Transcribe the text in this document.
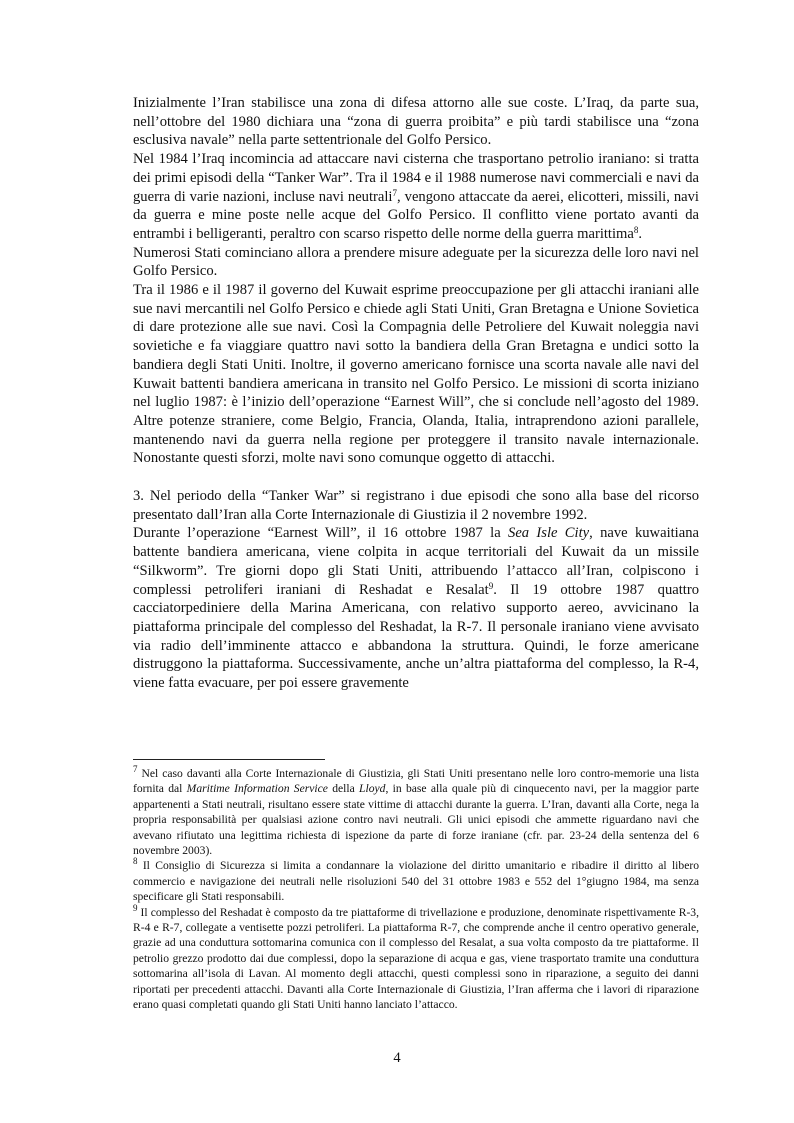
Inizialmente l’Iran stabilisce una zona di difesa attorno alle sue coste. L’Iraq, da parte sua, nell’ottobre del 1980 dichiara una “zona di guerra proibita” e più tardi stabilisce una “zona esclusiva navale” nella parte settentrionale del Golfo Persico.

Nel 1984 l’Iraq incomincia ad attaccare navi cisterna che trasportano petrolio iraniano: si tratta dei primi episodi della “Tanker War”. Tra il 1984 e il 1988 numerose navi commerciali e navi da guerra di varie nazioni, incluse navi neutrali$^7$, vengono attaccate da aerei, elicotteri, missili, navi da guerra e mine poste nelle acque del Golfo Persico. Il conflitto viene portato avanti da entrambi i belligeranti, peraltro con scarso rispetto delle norme della guerra marittima$^8$.

Numerosi Stati cominciano allora a prendere misure adeguate per la sicurezza delle loro navi nel Golfo Persico.

Tra il 1986 e il 1987 il governo del Kuwait esprime preoccupazione per gli attacchi iraniani alle sue navi mercantili nel Golfo Persico e chiede agli Stati Uniti, Gran Bretagna e Unione Sovietica di dare protezione alle sue navi. Così la Compagnia delle Petroliere del Kuwait noleggia navi sovietiche e fa viaggiare quattro navi sotto la bandiera della Gran Bretagna e undici sotto la bandiera degli Stati Uniti. Inoltre, il governo americano fornisce una scorta navale alle navi del Kuwait battenti bandiera americana in transito nel Golfo Persico. Le missioni di scorta iniziano nel luglio 1987: è l’inizio dell’operazione “Earnest Will”, che si conclude nell’agosto del 1989. Altre potenze straniere, come Belgio, Francia, Olanda, Italia, intraprendono azioni parallele, mantenendo navi da guerra nella regione per proteggere il transito navale internazionale. Nonostante questi sforzi, molte navi sono comunque oggetto di attacchi.

3. Nel periodo della “Tanker War” si registrano i due episodi che sono alla base del ricorso presentato dall’Iran alla Corte Internazionale di Giustizia il 2 novembre 1992.

Durante l’operazione “Earnest Will”, il 16 ottobre 1987 la Sea Isle City, nave kuwaitiana battente bandiera americana, viene colpita in acque territoriali del Kuwait da un missile “Silkworm”. Tre giorni dopo gli Stati Uniti, attribuendo l’attacco all’Iran, colpiscono i complessi petroliferi iraniani di Reshadat e Resalat$^9$. Il 19 ottobre 1987 quattro cacciatorpediniere della Marina Americana, con relativo supporto aereo, avvicinano la piattaforma principale del complesso del Reshadat, la R-7. Il personale iraniano viene avvisato via radio dell’imminente attacco e abbandona la struttura. Quindi, le forze americane distruggono la piattaforma. Successivamente, anche un’altra piattaforma del complesso, la R-4, viene fatta evacuare, per poi essere gravemente

$^7$ Nel caso davanti alla Corte Internazionale di Giustizia, gli Stati Uniti presentano nelle loro contro-memorie una lista fornita dal Maritime Information Service della Lloyd, in base alla quale più di cinquecento navi, per la maggior parte appartenenti a Stati neutrali, risultano essere state vittime di attacchi durante la guerra. L’Iran, davanti alla Corte, nega la propria responsabilità per qualsiasi azione contro navi neutrali. Gli unici episodi che ammette riguardano navi che avevano rifiutato una legittima richiesta di ispezione da parte di forze iraniane (cfr. par. 23-24 della sentenza del 6 novembre 2003).

$^8$ Il Consiglio di Sicurezza si limita a condannare la violazione del diritto umanitario e ribadire il diritto al libero commercio e navigazione dei neutrali nelle risoluzioni 540 del 31 ottobre 1983 e 552 del 1°giugno 1984, ma senza specificare gli Stati responsabili.

$^9$ Il complesso del Reshadat è composto da tre piattaforme di trivellazione e produzione, denominate rispettivamente R-3, R-4 e R-7, collegate a ventisette pozzi petroliferi. La piattaforma R-7, che comprende anche il centro operativo generale, grazie ad una conduttura sottomarina comunica con il complesso del Resalat, a sua volta composto da tre piattaforme. Il petrolio grezzo prodotto dai due complessi, dopo la separazione di acqua e gas, viene trasportato tramite una conduttura sottomarina all’isola di Lavan. Al momento degli attacchi, questi complessi sono in riparazione, a seguito dei danni riportati per precedenti attacchi. Davanti alla Corte Internazionale di Giustizia, l’Iran afferma che i lavori di riparazione erano quasi completati quando gli Stati Uniti hanno lanciato l’attacco.

4
